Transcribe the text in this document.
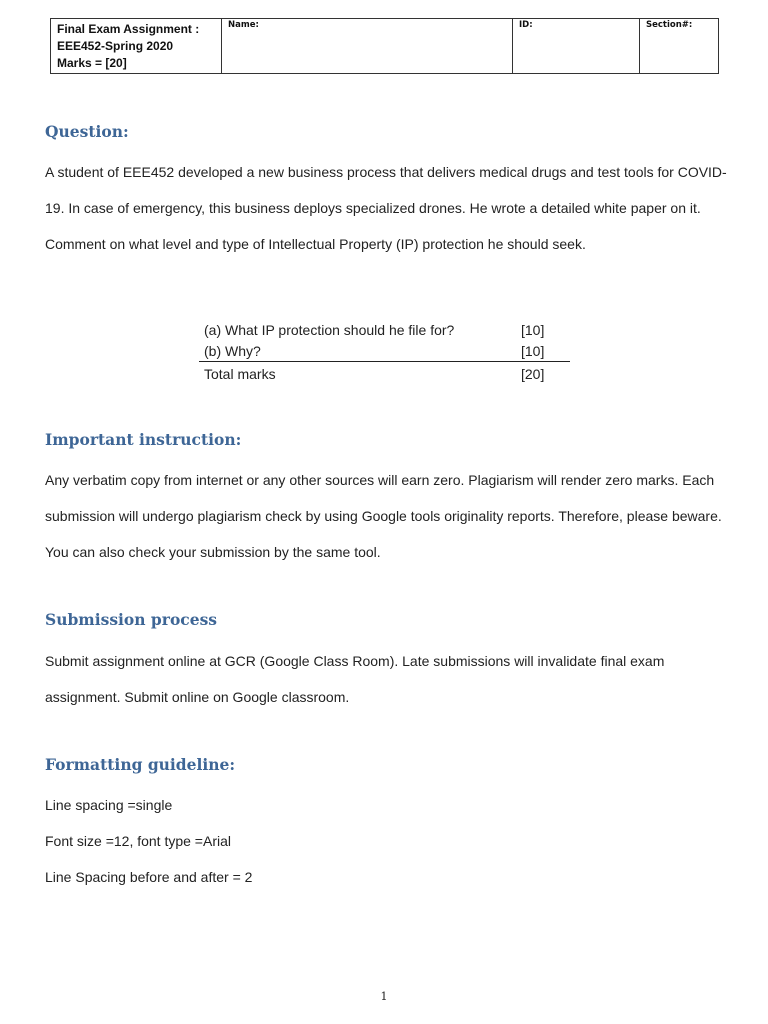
Final Exam Assignment :
EEE452-Spring 2020
Marks = [20]
	Name:	ID:	Section#:
Question:

A student of EEE452 developed a new business process that delivers medical drugs and test tools for COVID-19. In case of emergency, this business deploys specialized drones. He wrote a detailed white paper on it. Comment on what level and type of Intellectual Property (IP) protection he should seek.

(a) What IP protection should he file for?	[10]
(b) Why?	[10]
Total marks	[20]
Important instruction:

Any verbatim copy from internet or any other sources will earn zero. Plagiarism will render zero marks. Each submission will undergo plagiarism check by using Google tools originality reports. Therefore, please beware. You can also check your submission by the same tool.

Submission process

Submit assignment online at GCR (Google Class Room). Late submissions will invalidate final exam assignment. Submit online on Google classroom.

Formatting guideline:

Line spacing =single

Font size =12, font type =Arial

Line Spacing before and after = 2

1
